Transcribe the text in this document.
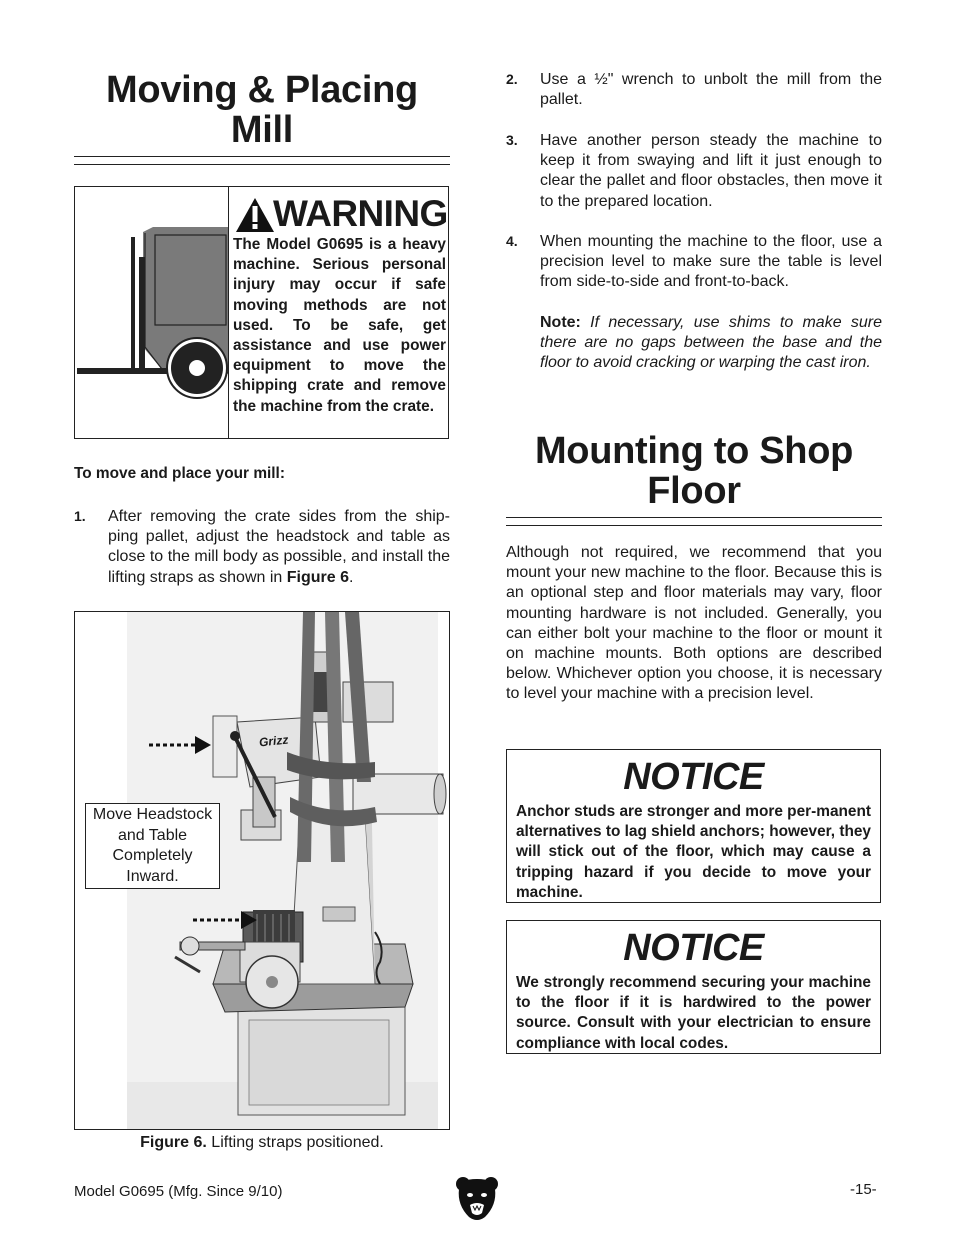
Moving & Placing
Mill
WARNING
The Model G0695 is a heavy machine. Serious personal injury may occur if safe moving methods are not used. To be safe, get assistance and use power equipment to move the shipping crate and remove the machine from the crate.
To move and place your mill:
1. After removing the crate sides from the ship-ping pallet, adjust the headstock and table as close to the mill body as possible, and install the lifting straps as shown in Figure 6.
Grizz
Move Headstock and Table Completely Inward.
Figure 6. Lifting straps positioned.
2. Use a ½" wrench to unbolt the mill from the pallet.
3. Have another person steady the machine to keep it from swaying and lift it just enough to clear the pallet and floor obstacles, then move it to the prepared location.
4. When mounting the machine to the floor, use a precision level to make sure the table is level from side-to-side and front-to-back.
Note: If necessary, use shims to make sure there are no gaps between the base and the floor to avoid cracking or warping the cast iron.
Mounting to Shop
Floor
Although not required, we recommend that you mount your new machine to the floor. Because this is an optional step and floor materials may vary, floor mounting hardware is not included. Generally, you can either bolt your machine to the floor or mount it on machine mounts. Both options are described below. Whichever option you choose, it is necessary to level your machine with a precision level.
NOTICE
Anchor studs are stronger and more per-manent alternatives to lag shield anchors; however, they will stick out of the floor, which may cause a tripping hazard if you decide to move your machine.
NOTICE
We strongly recommend securing your machine to the floor if it is hardwired to the power source. Consult with your electrician to ensure compliance with local codes.
Model G0695 (Mfg. Since 9/10)	-15-
